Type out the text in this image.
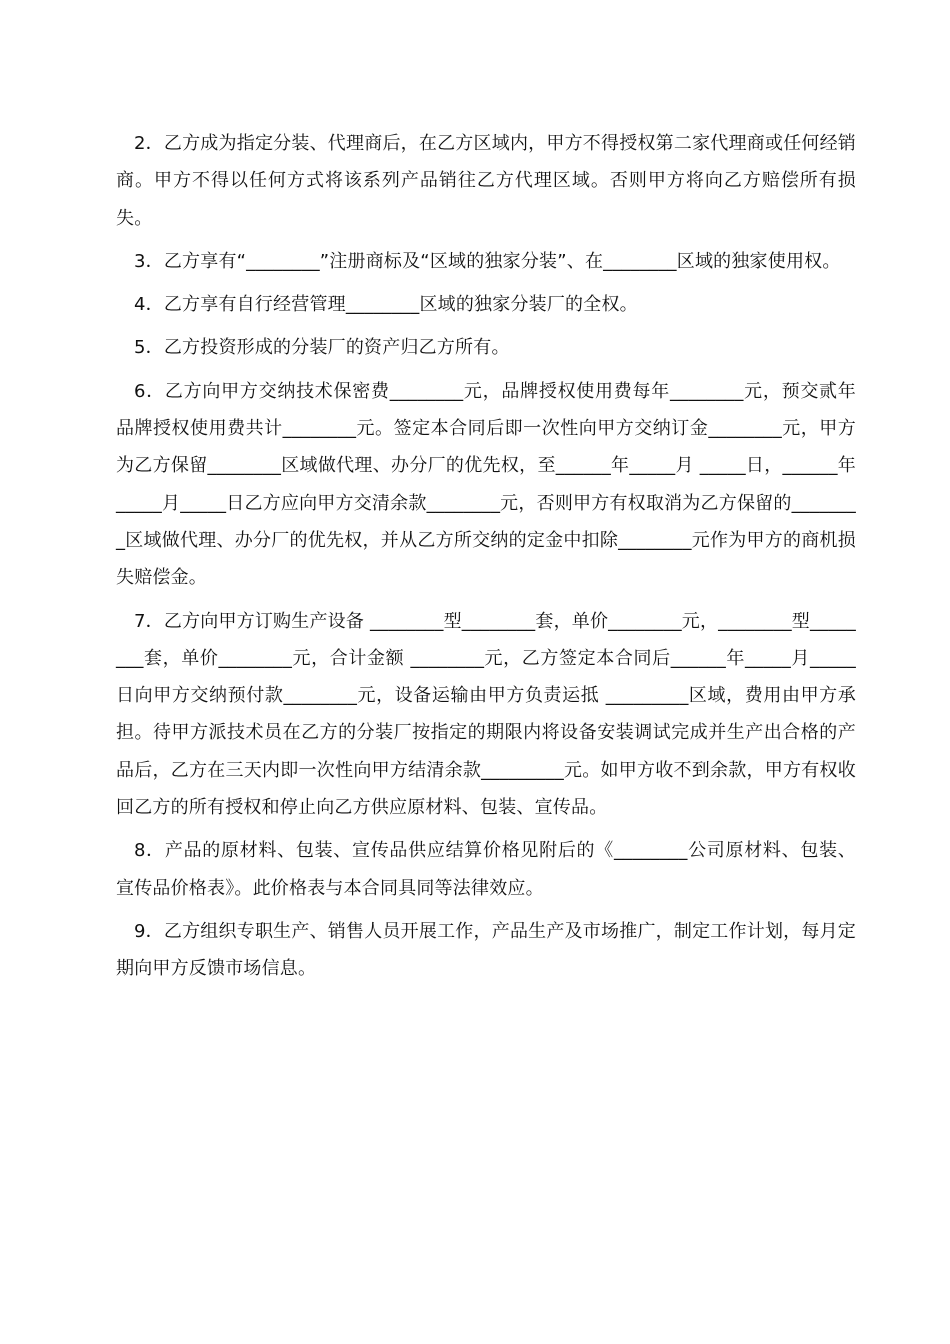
2．乙方成为指定分装、代理商后，在乙方区域内，甲方不得授权第二家代理商或任何经销商。甲方不得以任何方式将该系列产品销往乙方代理区域。否则甲方将向乙方赔偿所有损失。

3．乙方享有“________”注册商标及“区域的独家分装”、在________区域的独家使用权。

4．乙方享有自行经营管理________区域的独家分装厂的全权。

5．乙方投资形成的分装厂的资产归乙方所有。

6．乙方向甲方交纳技术保密费________元，品牌授权使用费每年________元，预交贰年品牌授权使用费共计________元。签定本合同后即一次性向甲方交纳订金________元，甲方为乙方保留________区域做代理、办分厂的优先权，至______年_____月 _____日，______年_____月_____日乙方应向甲方交清余款________元，否则甲方有权取消为乙方保留的________区域做代理、办分厂的优先权，并从乙方所交纳的定金中扣除________元作为甲方的商机损失赔偿金。

7．乙方向甲方订购生产设备 ________型________套，单价________元，________型________套，单价________元，合计金额 ________元，乙方签定本合同后______年_____月_____日向甲方交纳预付款________元，设备运输由甲方负责运抵 _________区域，费用由甲方承担。待甲方派技术员在乙方的分装厂按指定的期限内将设备安装调试完成并生产出合格的产品后，乙方在三天内即一次性向甲方结清余款_________元。如甲方收不到余款，甲方有权收回乙方的所有授权和停止向乙方供应原材料、包装、宣传品。

8．产品的原材料、包装、宣传品供应结算价格见附后的《________公司原材料、包装、宣传品价格表》。此价格表与本合同具同等法律效应。

9．乙方组织专职生产、销售人员开展工作，产品生产及市场推广，制定工作计划，每月定期向甲方反馈市场信息。
